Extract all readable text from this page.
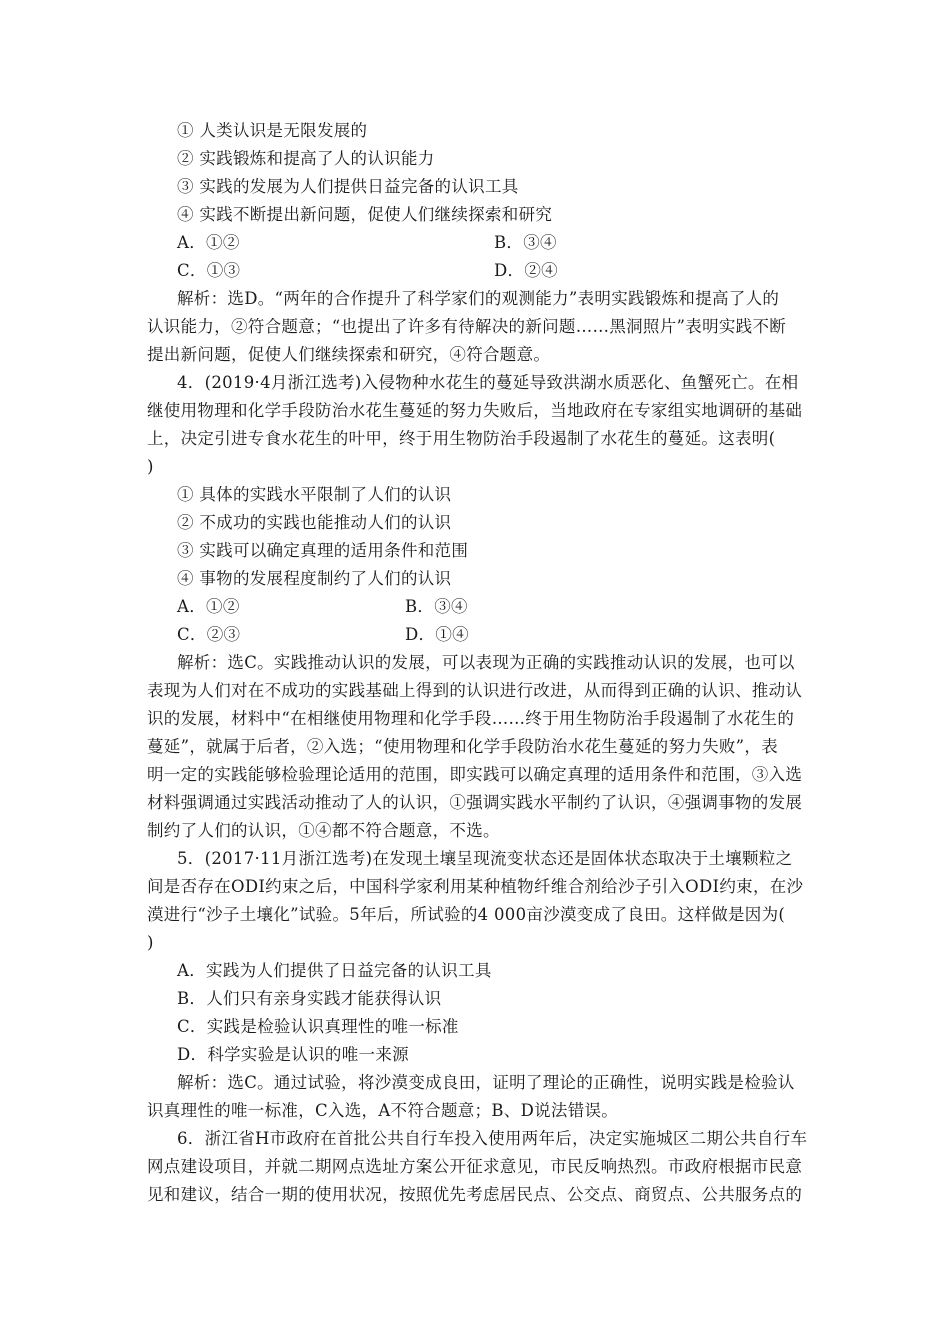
① 人类认识是无限发展的
② 实践锻炼和提高了人的认识能力
③ 实践的发展为人们提供日益完备的认识工具
④ 实践不断提出新问题，促使人们继续探索和研究
A．①②	B．③④
C．①③	D．②④
解析：选D。“两年的合作提升了科学家们的观测能力”表明实践锻炼和提高了人的
认识能力，②符合题意；“也提出了许多有待解决的新问题……黑洞照片”表明实践不断
提出新问题，促使人们继续探索和研究，④符合题意。
4．(2019·4月浙江选考)入侵物种水花生的蔓延导致洪湖水质恶化、鱼蟹死亡。在相
继使用物理和化学手段防治水花生蔓延的努力失败后，当地政府在专家组实地调研的基础
上，决定引进专食水花生的叶甲，终于用生物防治手段遏制了水花生的蔓延。这表明(
)
① 具体的实践水平限制了人们的认识
② 不成功的实践也能推动人们的认识
③ 实践可以确定真理的适用条件和范围
④ 事物的发展程度制约了人们的认识
A．①②	B．③④
C．②③	D．①④
解析：选C。实践推动认识的发展，可以表现为正确的实践推动认识的发展，也可以
表现为人们对在不成功的实践基础上得到的认识进行改进，从而得到正确的认识、推动认
识的发展，材料中“在相继使用物理和化学手段……终于用生物防治手段遏制了水花生的
蔓延”，就属于后者，②入选；“使用物理和化学手段防治水花生蔓延的努力失败”，表
明一定的实践能够检验理论适用的范围，即实践可以确定真理的适用条件和范围，③入选
材料强调通过实践活动推动了人的认识，①强调实践水平制约了认识，④强调事物的发展
制约了人们的认识，①④都不符合题意，不选。
5．(2017·11月浙江选考)在发现土壤呈现流变状态还是固体状态取决于土壤颗粒之
间是否存在ODI约束之后，中国科学家利用某种植物纤维合剂给沙子引入ODI约束，在沙
漠进行“沙子土壤化”试验。5年后，所试验的4 000亩沙漠变成了良田。这样做是因为(
)
A．实践为人们提供了日益完备的认识工具
B．人们只有亲身实践才能获得认识
C．实践是检验认识真理性的唯一标准
D．科学实验是认识的唯一来源
解析：选C。通过试验，将沙漠变成良田，证明了理论的正确性，说明实践是检验认
识真理性的唯一标准，C入选，A不符合题意；B、D说法错误。
6．浙江省H市政府在首批公共自行车投入使用两年后，决定实施城区二期公共自行车
网点建设项目，并就二期网点选址方案公开征求意见，市民反响热烈。市政府根据市民意
见和建议，结合一期的使用状况，按照优先考虑居民点、公交点、商贸点、公共服务点的
